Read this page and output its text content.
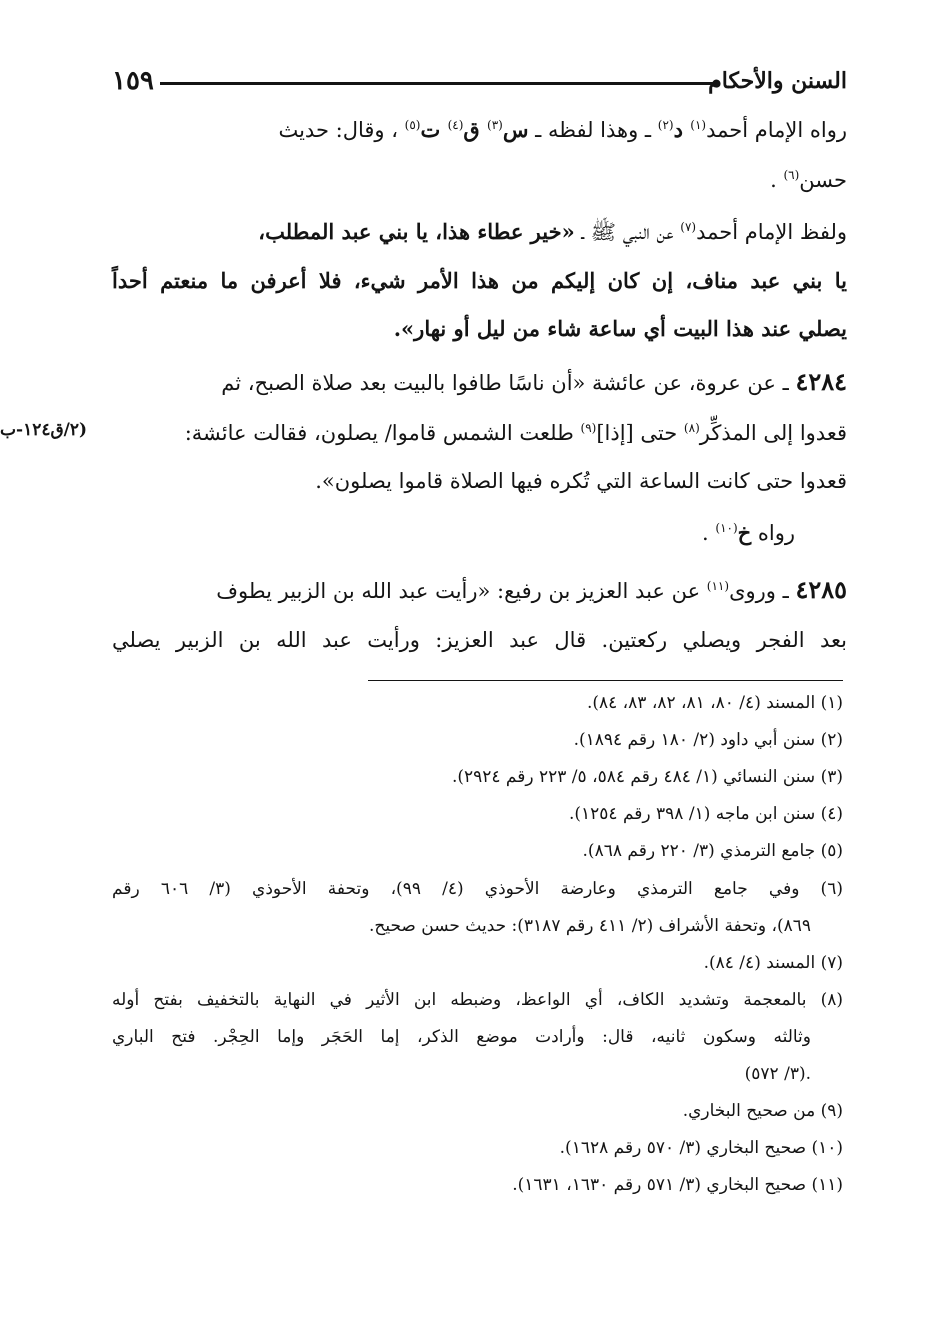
السنن والأحكام
١٥٩
رواه الإمام أحمد$^{(١)}$ د$^{(٢)}$ ـ وهذا لفظه ـ س$^{(٣)}$ ق$^{(٤)}$ ت$^{(٥)}$ ، وقال: حديث
حسن$^{(٦)}$ .
ولفظ الإمام أحمد$^{(٧)}$ عن النبي ﷺ ـ «خير عطاء هذا، يا بني عبد المطلب،
يا بني عبد مناف، إن كان إليكم من هذا الأمر شيء، فلا أعرفن ما منعتم أحداً
يصلي عند هذا البيت أي ساعة شاء من ليل أو نهار».
٤٢٨٤ ـ عن عروة، عن عائشة «أن ناسًا طافوا بالبيت بعد صلاة الصبح، ثم
قعدوا إلى المذكِّر$^{(٨)}$ حتى [إذا]$^{(٩)}$ طلعت الشمس قاموا/ يصلون، فقالت عائشة:
(٢/ق١٢٤-ب
قعدوا حتى كانت الساعة التي تُكره فيها الصلاة قاموا يصلون».
رواه خ$^{(١٠)}$ .
٤٢٨٥ ـ وروى$^{(١١)}$ عن عبد العزيز بن رفيع: «رأيت عبد الله بن الزبير يطوف
بعد الفجر ويصلي ركعتين. قال عبد العزيز: ورأيت عبد الله بن الزبير يصلي
(١) المسند (٤/ ٨٠، ٨١، ٨٢، ٨٣، ٨٤).
(٢) سنن أبي داود (٢/ ١٨٠ رقم ١٨٩٤).
(٣) سنن النسائي (١/ ٤٨٤ رقم ٥٨٤، ٥/ ٢٢٣ رقم ٢٩٢٤).
(٤) سنن ابن ماجه (١/ ٣٩٨ رقم ١٢٥٤).
(٥) جامع الترمذي (٣/ ٢٢٠ رقم ٨٦٨).
(٦) وفي جامع الترمذي وعارضة الأحوذي (٤/ ٩٩)، وتحفة الأحوذي (٣/ ٦٠٦ رقم
٨٦٩)، وتحفة الأشراف (٢/ ٤١١ رقم ٣١٨٧): حديث حسن صحيح.
(٧) المسند (٤/ ٨٤).
(٨) بالمعجمة وتشديد الكاف، أي الواعظ، وضبطه ابن الأثير في النهاية بالتخفيف بفتح أوله
وثالثه وسكون ثانيه، قال: وأرادت موضع الذكر، إما الحَجَر وإما الحِجْر. فتح الباري
(٣/ ٥٧٢).
(٩) من صحيح البخاري.
(١٠) صحيح البخاري (٣/ ٥٧٠ رقم ١٦٢٨).
(١١) صحيح البخاري (٣/ ٥٧١ رقم ١٦٣٠، ١٦٣١).
